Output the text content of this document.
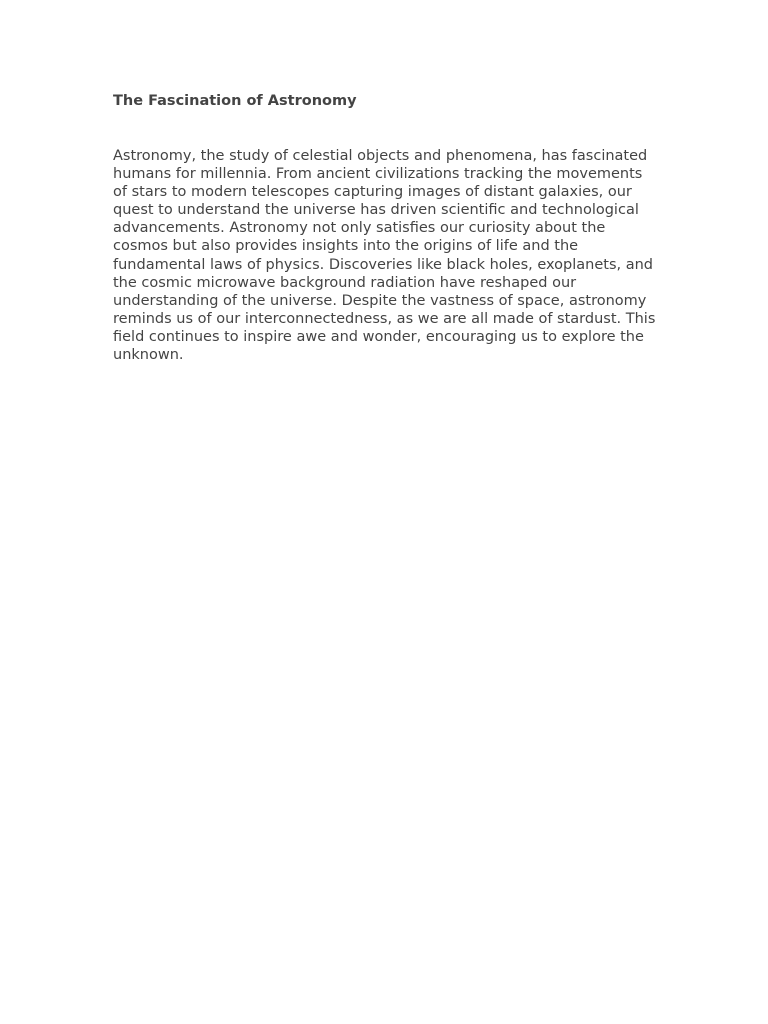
The Fascination of Astronomy

Astronomy, the study of celestial objects and phenomena, has fascinated
humans for millennia. From ancient civilizations tracking the movements
of stars to modern telescopes capturing images of distant galaxies, our
quest to understand the universe has driven scientific and technological
advancements. Astronomy not only satisfies our curiosity about the
cosmos but also provides insights into the origins of life and the
fundamental laws of physics. Discoveries like black holes, exoplanets, and
the cosmic microwave background radiation have reshaped our
understanding of the universe. Despite the vastness of space, astronomy
reminds us of our interconnectedness, as we are all made of stardust. This
field continues to inspire awe and wonder, encouraging us to explore the
unknown.
